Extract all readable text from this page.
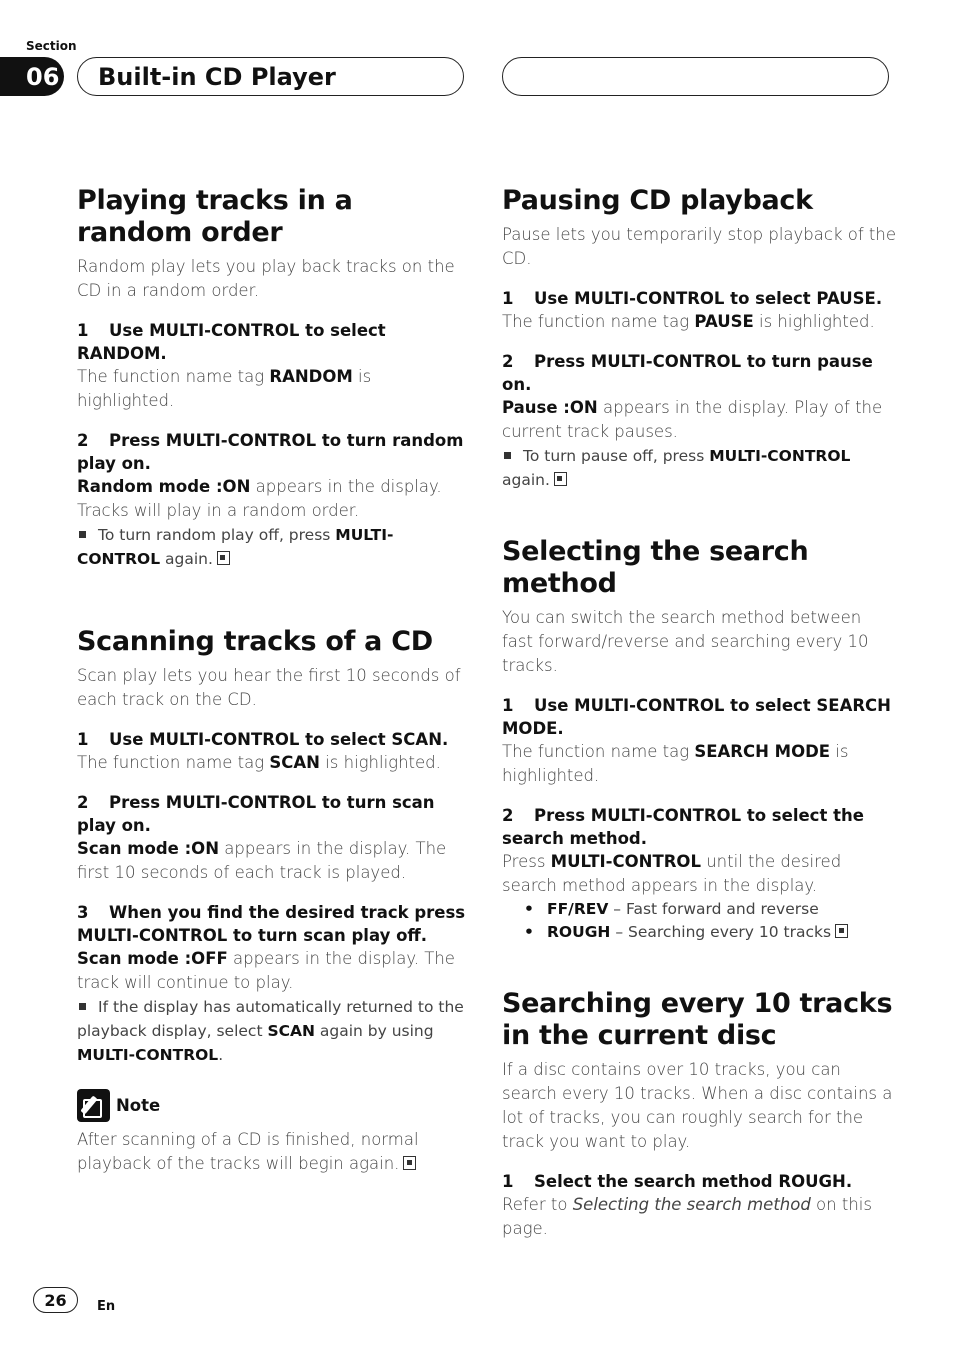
Section
06 Built-in CD Player
Playing tracks in a random order

Random play lets you play back tracks on the CD in a random order.

1 Use MULTI-CONTROL to select RANDOM.

The function name tag RANDOM is highlighted.

2 Press MULTI-CONTROL to turn random play on.

Random mode :ON appears in the display. Tracks will play in a random order.

To turn random play off, press MULTI-CONTROL again.

Scanning tracks of a CD

Scan play lets you hear the first 10 seconds of each track on the CD.

1 Use MULTI-CONTROL to select SCAN.

The function name tag SCAN is highlighted.

2 Press MULTI-CONTROL to turn scan play on.

Scan mode :ON appears in the display. The first 10 seconds of each track is played.

3 When you find the desired track press MULTI-CONTROL to turn scan play off.

Scan mode :OFF appears in the display. The track will continue to play.

If the display has automatically returned to the playback display, select SCAN again by using MULTI-CONTROL.

Note

After scanning of a CD is finished, normal playback of the tracks will begin again.

Pausing CD playback

Pause lets you temporarily stop playback of the CD.

1 Use MULTI-CONTROL to select PAUSE.

The function name tag PAUSE is highlighted.

2 Press MULTI-CONTROL to turn pause on.

Pause :ON appears in the display. Play of the current track pauses.

To turn pause off, press MULTI-CONTROL again.

Selecting the search method

You can switch the search method between fast forward/reverse and searching every 10 tracks.

1 Use MULTI-CONTROL to select SEARCH MODE.

The function name tag SEARCH MODE is highlighted.

2 Press MULTI-CONTROL to select the search method.

Press MULTI-CONTROL until the desired search method appears in the display.

• FF/REV – Fast forward and reverse

• ROUGH – Searching every 10 tracks

Searching every 10 tracks in the current disc

If a disc contains over 10 tracks, you can search every 10 tracks. When a disc contains a lot of tracks, you can roughly search for the track you want to play.

1 Select the search method ROUGH.

Refer to Selecting the search method on this page.

26	En
